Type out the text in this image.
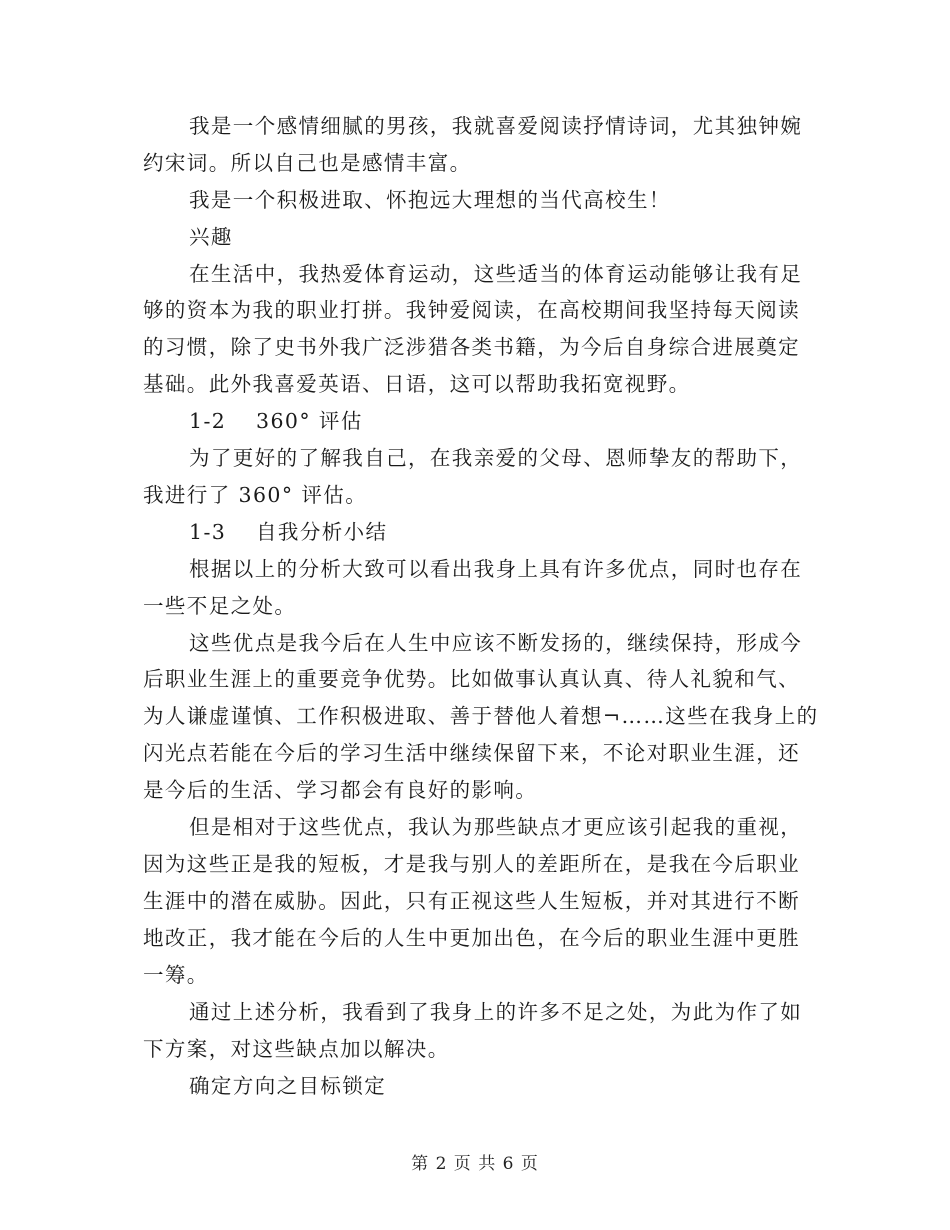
我是一个感情细腻的男孩，我就喜爱阅读抒情诗词，尤其独钟婉
约宋词。所以自己也是感情丰富。
我是一个积极进取、怀抱远大理想的当代高校生！
兴趣
在生活中，我热爱体育运动，这些适当的体育运动能够让我有足
够的资本为我的职业打拼。我钟爱阅读，在高校期间我坚持每天阅读
的习惯，除了史书外我广泛涉猎各类书籍，为今后自身综合进展奠定
基础。此外我喜爱英语、日语，这可以帮助我拓宽视野。
1-2　 360° 评估
为了更好的了解我自己，在我亲爱的父母、恩师挚友的帮助下，
我进行了 360° 评估。
1-3　 自我分析小结
根据以上的分析大致可以看出我身上具有许多优点，同时也存在
一些不足之处。
这些优点是我今后在人生中应该不断发扬的，继续保持，形成今
后职业生涯上的重要竞争优势。比如做事认真认真、待人礼貌和气、
为人谦虚谨慎、工作积极进取、善于替他人着想¬……这些在我身上的
闪光点若能在今后的学习生活中继续保留下来，不论对职业生涯，还
是今后的生活、学习都会有良好的影响。
但是相对于这些优点，我认为那些缺点才更应该引起我的重视，
因为这些正是我的短板，才是我与别人的差距所在，是我在今后职业
生涯中的潜在威胁。因此，只有正视这些人生短板，并对其进行不断
地改正，我才能在今后的人生中更加出色，在今后的职业生涯中更胜
一筹。
通过上述分析，我看到了我身上的许多不足之处，为此为作了如
下方案，对这些缺点加以解决。
确定方向之目标锁定
第 2 页 共 6 页
